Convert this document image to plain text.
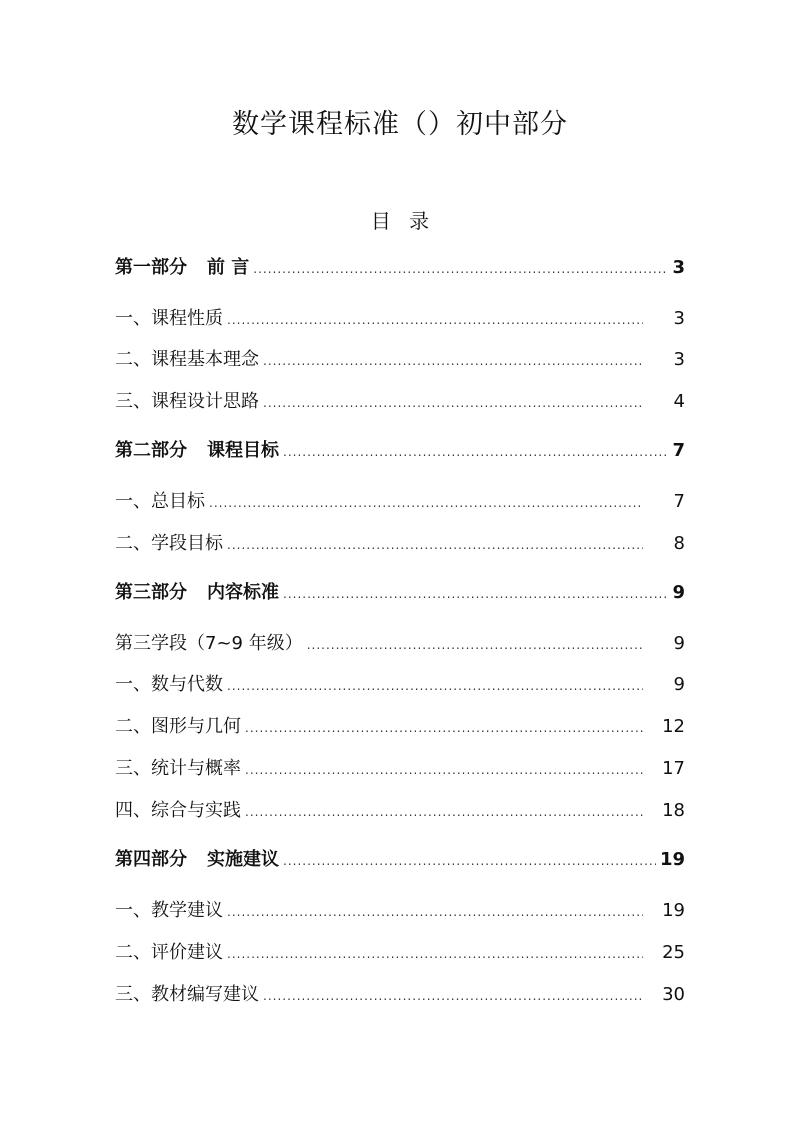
数学课程标准（）初中部分
目 录
第一部分 前 言 .....	3
一、课程性质 .....	3
二、课程基本理念 .....	3
三、课程设计思路 .....	4
第二部分 课程目标 .....	7
一、总目标 .....	7
二、学段目标 .....	8
第三部分 内容标准 .....	9
第三学段（7~9 年级） .....	9
一、数与代数 .....	9
二、图形与几何 .....	12
三、统计与概率 .....	17
四、综合与实践 .....	18
第四部分 实施建议 .....	19
一、教学建议 .....	19
二、评价建议 .....	25
三、教材编写建议 .....	30
